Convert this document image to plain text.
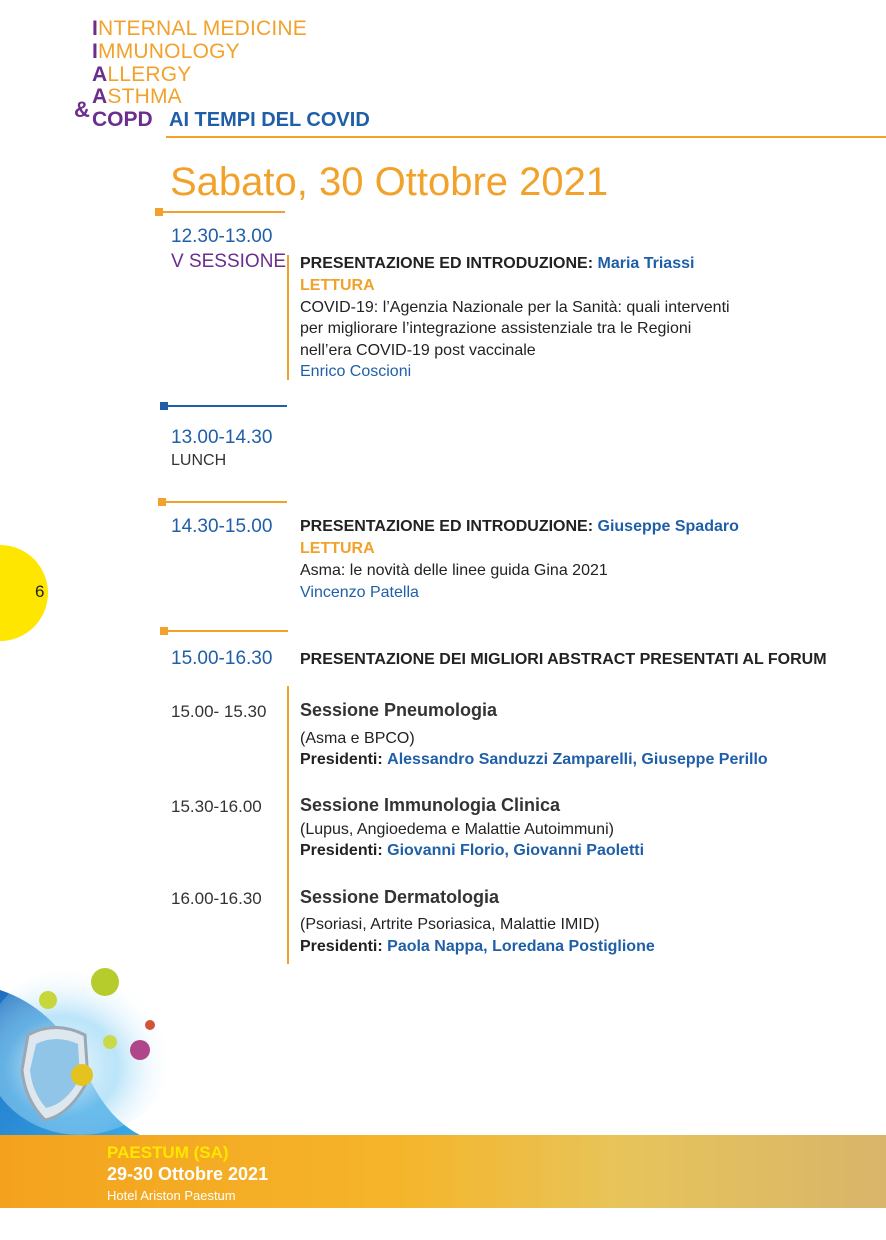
INTERNAL MEDICINE
IMMUNOLOGY
ALLERGY
ASTHMA
& COPD AI TEMPI DEL COVID
Sabato, 30 Ottobre 2021
12.30-13.00
V SESSIONE PRESENTAZIONE ED INTRODUZIONE: Maria Triassi
LETTURA
COVID-19: l’Agenzia Nazionale per la Sanità: quali interventi
per migliorare l’integrazione assistenziale tra le Regioni
nell’era COVID-19 post vaccinale
Enrico Coscioni
13.00-14.30
LUNCH
14.30-15.00 PRESENTAZIONE ED INTRODUZIONE: Giuseppe Spadaro
LETTURA
Asma: le novità delle linee guida Gina 2021
Vincenzo Patella
15.00-16.30 PRESENTAZIONE DEI MIGLIORI ABSTRACT PRESENTATI AL FORUM
15.00- 15.30 Sessione Pneumologia
(Asma e BPCO)
Presidenti: Alessandro Sanduzzi Zamparelli, Giuseppe Perillo
15.30-16.00 Sessione Immunologia Clinica
(Lupus, Angioedema e Malattie Autoimmuni)
Presidenti: Giovanni Florio, Giovanni Paoletti
16.00-16.30 Sessione Dermatologia
(Psoriasi, Artrite Psoriasica, Malattie IMID)
Presidenti: Paola Nappa, Loredana Postiglione
6
PAESTUM (SA)
29-30 Ottobre 2021
Hotel Ariston Paestum
